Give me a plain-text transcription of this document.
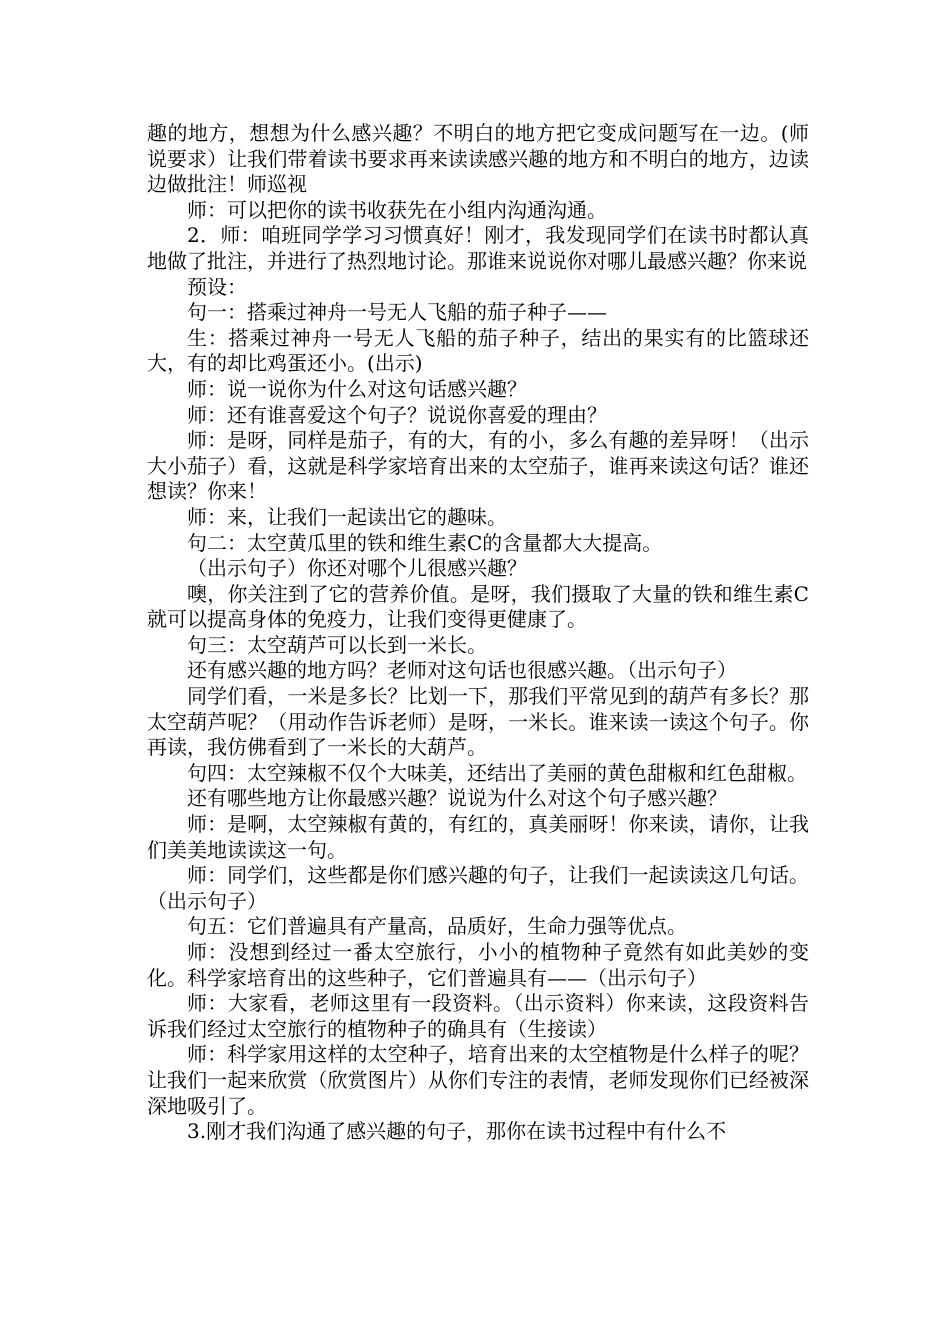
趣的地方，想想为什么感兴趣？不明白的地方把它变成问题写在一边。(师说要求）让我们带着读书要求再来读读感兴趣的地方和不明白的地方，边读边做批注！师巡视

师：可以把你的读书收获先在小组内沟通沟通。

2．师：咱班同学学习习惯真好！刚才，我发现同学们在读书时都认真地做了批注，并进行了热烈地讨论。那谁来说说你对哪儿最感兴趣？你来说

预设：

句一：搭乘过神舟一号无人飞船的茄子种子——

生：搭乘过神舟一号无人飞船的茄子种子，结出的果实有的比篮球还大，有的却比鸡蛋还小。(出示)

师：说一说你为什么对这句话感兴趣？

师：还有谁喜爱这个句子？说说你喜爱的理由？

师：是呀，同样是茄子，有的大，有的小，多么有趣的差异呀！（出示大小茄子）看，这就是科学家培育出来的太空茄子，谁再来读这句话？谁还想读？你来！

师：来，让我们一起读出它的趣味。

句二：太空黄瓜里的铁和维生素C的含量都大大提高。

（出示句子）你还对哪个儿很感兴趣？

噢，你关注到了它的营养价值。是呀，我们摄取了大量的铁和维生素C就可以提高身体的免疫力，让我们变得更健康了。

句三：太空葫芦可以长到一米长。

还有感兴趣的地方吗？老师对这句话也很感兴趣。（出示句子）

同学们看，一米是多长？比划一下，那我们平常见到的葫芦有多长？那太空葫芦呢？（用动作告诉老师）是呀，一米长。谁来读一读这个句子。你再读，我仿佛看到了一米长的大葫芦。

句四：太空辣椒不仅个大味美，还结出了美丽的黄色甜椒和红色甜椒。

还有哪些地方让你最感兴趣？说说为什么对这个句子感兴趣？

师：是啊，太空辣椒有黄的，有红的，真美丽呀！你来读，请你，让我们美美地读读这一句。

师：同学们，这些都是你们感兴趣的句子，让我们一起读读这几句话。（出示句子）

句五：它们普遍具有产量高，品质好，生命力强等优点。

师：没想到经过一番太空旅行，小小的植物种子竟然有如此美妙的变化。科学家培育出的这些种子，它们普遍具有——（出示句子）

师：大家看，老师这里有一段资料。（出示资料）你来读，这段资料告诉我们经过太空旅行的植物种子的确具有（生接读）

师：科学家用这样的太空种子，培育出来的太空植物是什么样子的呢？让我们一起来欣赏（欣赏图片）从你们专注的表情，老师发现你们已经被深深地吸引了。

3.刚才我们沟通了感兴趣的句子，那你在读书过程中有什么不
